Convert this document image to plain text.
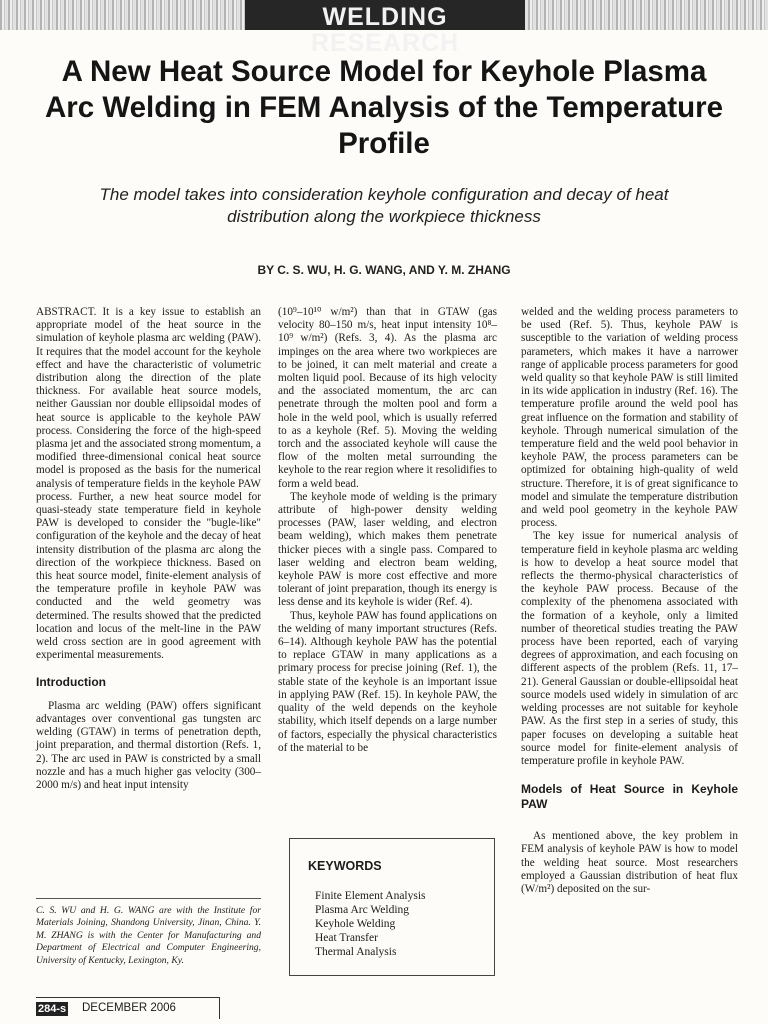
WELDING RESEARCH
A New Heat Source Model for Keyhole Plasma Arc Welding in FEM Analysis of the Temperature Profile

The model takes into consideration keyhole configuration and decay of heat distribution along the workpiece thickness

BY C. S. WU, H. G. WANG, AND Y. M. ZHANG

ABSTRACT. It is a key issue to establish an appropriate model of the heat source in the simulation of keyhole plasma arc welding (PAW). It requires that the model account for the keyhole effect and have the characteristic of volumetric distribution along the direction of the plate thickness. For available heat source models, neither Gaussian nor double ellipsoidal modes of heat source is applicable to the keyhole PAW process. Considering the force of the high-speed plasma jet and the associated strong momentum, a modified three-dimensional conical heat source model is proposed as the basis for the numerical analysis of temperature fields in the keyhole PAW process. Further, a new heat source model for quasi-steady state temperature field in keyhole PAW is developed to consider the "bugle-like" configuration of the keyhole and the decay of heat intensity distribution of the plasma arc along the direction of the workpiece thickness. Based on this heat source model, finite-element analysis of the temperature profile in keyhole PAW was conducted and the weld geometry was determined. The results showed that the predicted location and locus of the melt-line in the PAW weld cross section are in good agreement with experimental measurements.

Introduction

Plasma arc welding (PAW) offers significant advantages over conventional gas tungsten arc welding (GTAW) in terms of penetration depth, joint preparation, and thermal distortion (Refs. 1, 2). The arc used in PAW is constricted by a small nozzle and has a much higher gas velocity (300–2000 m/s) and heat input intensity

C. S. WU and H. G. WANG are with the Institute for Materials Joining, Shandong University, Jinan, China. Y. M. ZHANG is with the Center for Manufacturing and Department of Electrical and Computer Engineering, University of Kentucky, Lexington, Ky.

(10⁹–10¹⁰ w/m²) than that in GTAW (gas velocity 80–150 m/s, heat input intensity 10⁸–10⁹ w/m²) (Refs. 3, 4). As the plasma arc impinges on the area where two workpieces are to be joined, it can melt material and create a molten liquid pool. Because of its high velocity and the associated momentum, the arc can penetrate through the molten pool and form a hole in the weld pool, which is usually referred to as a keyhole (Ref. 5). Moving the welding torch and the associated keyhole will cause the flow of the molten metal surrounding the keyhole to the rear region where it resolidifies to form a weld bead.

The keyhole mode of welding is the primary attribute of high-power density welding processes (PAW, laser welding, and electron beam welding), which makes them penetrate thicker pieces with a single pass. Compared to laser welding and electron beam welding, keyhole PAW is more cost effective and more tolerant of joint preparation, though its energy is less dense and its keyhole is wider (Ref. 4).

Thus, keyhole PAW has found applications on the welding of many important structures (Refs. 6–14). Although keyhole PAW has the potential to replace GTAW in many applications as a primary process for precise joining (Ref. 1), the stable state of the keyhole is an important issue in applying PAW (Ref. 15). In keyhole PAW, the quality of the weld depends on the keyhole stability, which itself depends on a large number of factors, especially the physical characteristics of the material to be

KEYWORDS
Finite Element Analysis
Plasma Arc Welding
Keyhole Welding
Heat Transfer
Thermal Analysis

welded and the welding process parameters to be used (Ref. 5). Thus, keyhole PAW is susceptible to the variation of welding process parameters, which makes it have a narrower range of applicable process parameters for good weld quality so that keyhole PAW is still limited in its wide application in industry (Ref. 16). The temperature profile around the weld pool has great influence on the formation and stability of keyhole. Through numerical simulation of the temperature field and the weld pool behavior in keyhole PAW, the process parameters can be optimized for obtaining high-quality of weld structure. Therefore, it is of great significance to model and simulate the temperature distribution and weld pool geometry in the keyhole PAW process.

The key issue for numerical analysis of temperature field in keyhole plasma arc welding is how to develop a heat source model that reflects the thermo-physical characteristics of the keyhole PAW process. Because of the complexity of the phenomena associated with the formation of a keyhole, only a limited number of theoretical studies treating the PAW process have been reported, each of varying degrees of approximation, and each focusing on different aspects of the problem (Refs. 11, 17–21). General Gaussian or double-ellipsoidal heat source models used widely in simulation of arc welding processes are not suitable for keyhole PAW. As the first step in a series of study, this paper focuses on developing a suitable heat source model for finite-element analysis of temperature profile in keyhole PAW.

Models of Heat Source in Keyhole PAW

As mentioned above, the key problem in FEM analysis of keyhole PAW is how to model the welding heat source. Most researchers employed a Gaussian distribution of heat flux (W/m²) deposited on the sur-

284-s DECEMBER 2006
